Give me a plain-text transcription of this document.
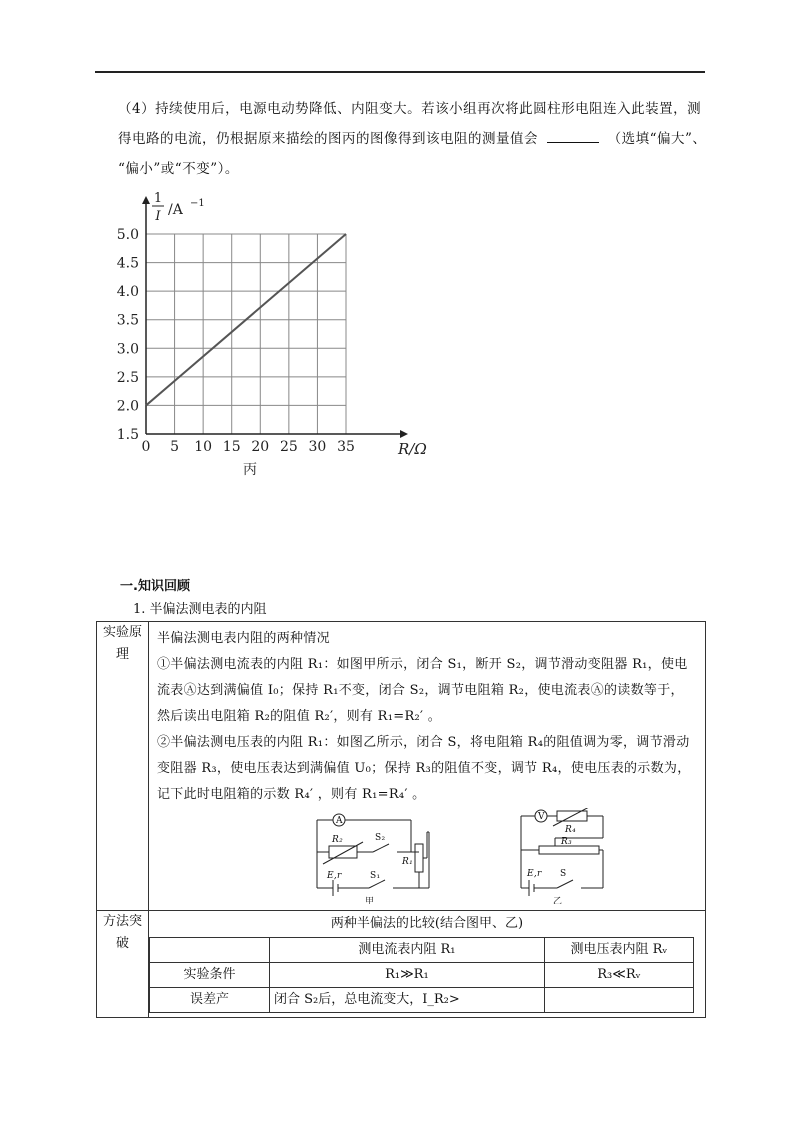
（4）持续使用后，电源电动势降低、内阻变大。若该小组再次将此圆柱形电阻连入此装置，测
得电路的电流，仍根据原来描绘的图丙的图像得到该电阻的测量值会	（选填“偏大”、
“偏小”或“不变”）。
0 5 10 15 20 25 30 35
1.5
2.0
2.5
3.0
3.5
4.0
4.5
5.0
1
I /A −1
R/Ω
丙
一.知识回顾
1. 半偏法测电表的内阻
实验原理	

半偏法测电表内阻的两种情况

①半偏法测电流表的内阻 R₁：如图甲所示，闭合 S₁，断开 S₂，调节滑动变阻器 R₁，使电流表Ⓐ达到满偏值 I₀；保持 R₁不变，闭合 S₂，调节电阻箱 R₂，使电流表Ⓐ的读数等于，然后读出电阻箱 R₂的阻值 R₂′，则有 R₁=R₂′ 。

②半偏法测电压表的内阻 R₁：如图乙所示，闭合 S，将电阻箱 R₄的阻值调为零，调节滑动变阻器 R₃，使电压表达到满偏值 U₀；保持 R₃的阻值不变，调节 R₄，使电压表的示数为，记下此时电阻箱的示数 R₄′ ，则有 R₁=R₄′ 。

A
R₂	S₂
R₁
E,r	S₁
甲
V
R₄
R₃
E,r S
乙

方法突破	
两种半偏法的比较(结合图甲、乙)
	测电流表内阻 R₁	测电压表内阻 Rᵥ
实验条件	R₁≫R₁	R₃≪Rᵥ
误差产	闭合 S₂后，总电流变大，I_R₂>	
